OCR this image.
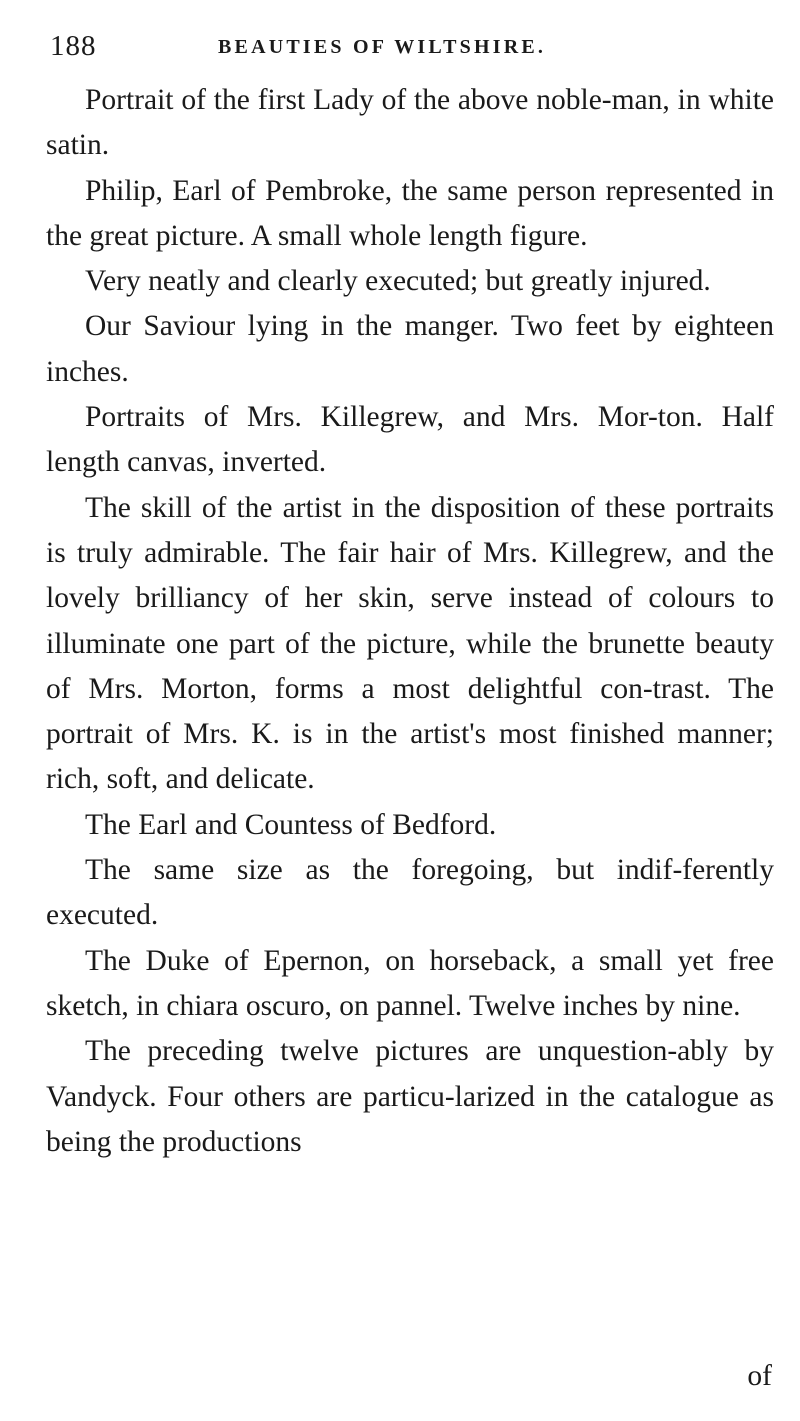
188	BEAUTIES OF WILTSHIRE.

Portrait of the first Lady of the above noble-man, in white satin.

Philip, Earl of Pembroke, the same person represented in the great picture. A small whole length figure.

Very neatly and clearly executed; but greatly injured.

Our Saviour lying in the manger. Two feet by eighteen inches.

Portraits of Mrs. Killegrew, and Mrs. Mor-ton. Half length canvas, inverted.

The skill of the artist in the disposition of these portraits is truly admirable. The fair hair of Mrs. Killegrew, and the lovely brilliancy of her skin, serve instead of colours to illuminate one part of the picture, while the brunette beauty of Mrs. Morton, forms a most delightful con-trast. The portrait of Mrs. K. is in the artist's most finished manner; rich, soft, and delicate.

The Earl and Countess of Bedford.

The same size as the foregoing, but indif-ferently executed.

The Duke of Epernon, on horseback, a small yet free sketch, in chiara oscuro, on pannel. Twelve inches by nine.

The preceding twelve pictures are unquestion-ably by Vandyck. Four others are particu-larized in the catalogue as being the productions

of
